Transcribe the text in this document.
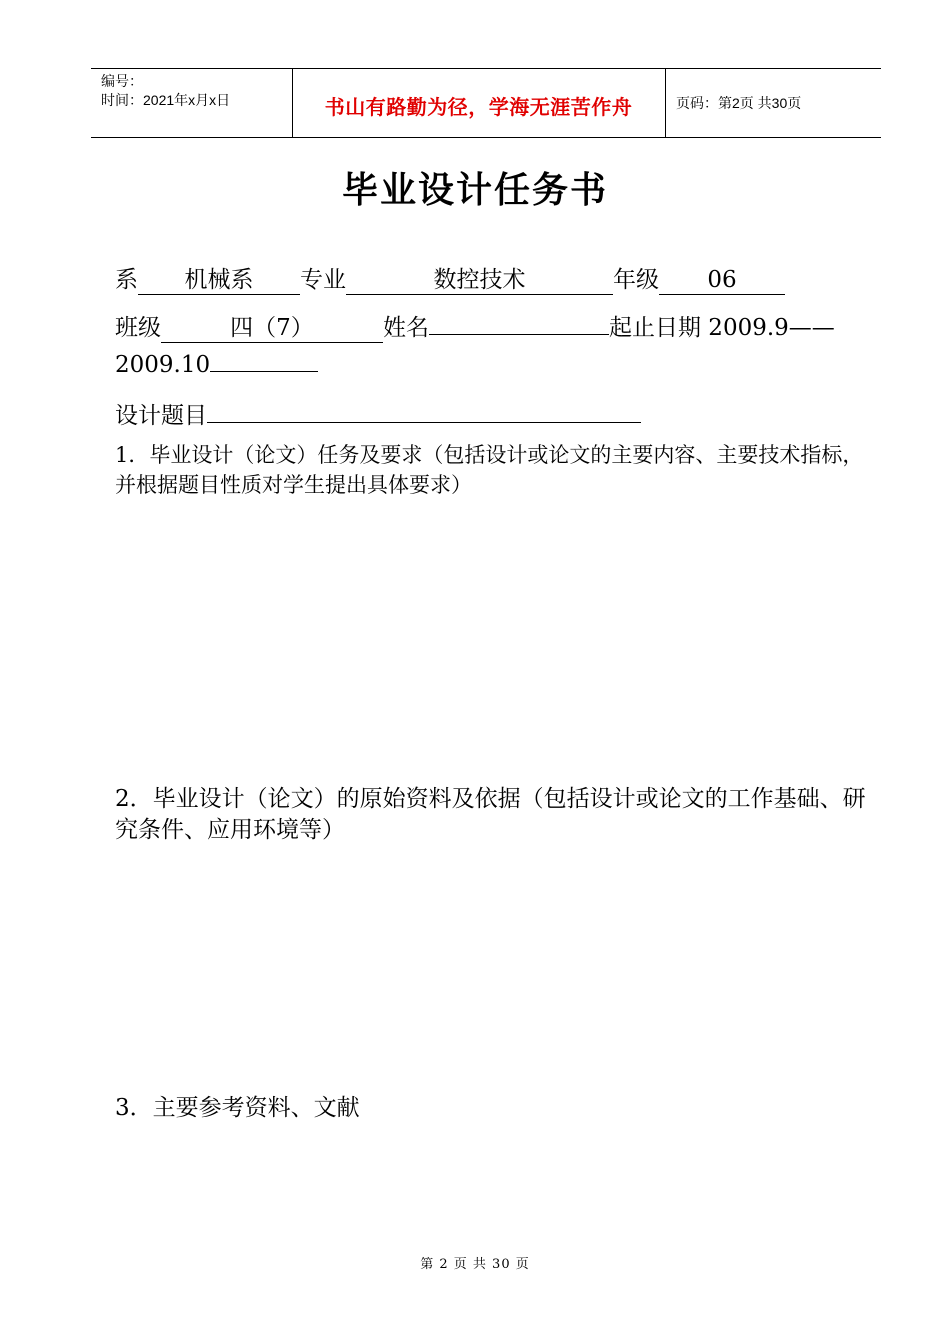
编号：
时间：2021年x月x日	书山有路勤为径，学海无涯苦作舟	页码：第2页 共30页
毕业设计任务书
系 机械系 专业	数控技术	年级 06
班级	四（7）	姓名	起止日期 2009.9——
2009.10
设计题目
1．毕业设计（论文）任务及要求（包括设计或论文的主要内容、主要技术指标，并根据题目性质对学生提出具体要求）
2．毕业设计（论文）的原始资料及依据（包括设计或论文的工作基础、研究条件、应用环境等）
3．主要参考资料、文献
第 2 页 共 30 页
